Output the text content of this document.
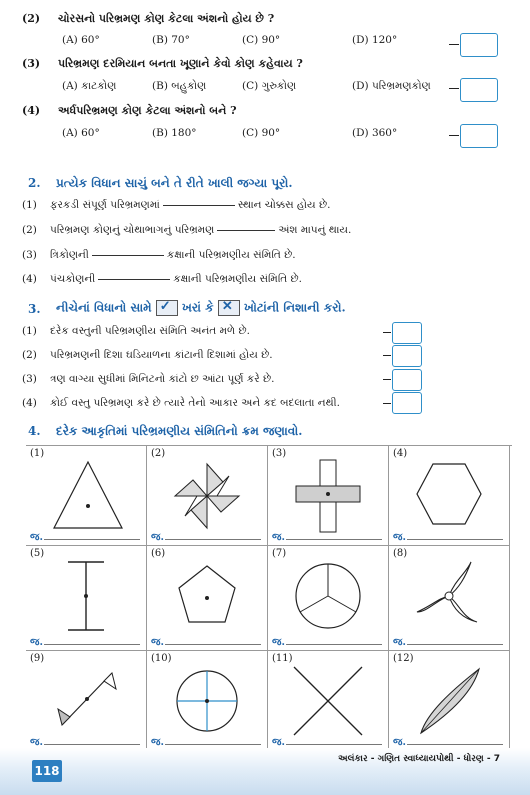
(2) ચોરસનો પરિભ્રમણ કોણ કેટલા અંશનો હોય છે ?
(A) 60°	(B) 70°	(C) 90°	(D) 120°
(3) પરિભ્રમણ દરમિયાન બનતા ખૂણાને કેવો કોણ કહેવાય ?
(A) કાટકોણ	(B) બહુકોણ	(C) ગુરુકોણ	(D) પરિભ્રમણકોણ
(4) અર્ધપરિભ્રમણ કોણ કેટલા અંશનો બને ?
(A) 60°	(B) 180°	(C) 90°	(D) 360°
2. પ્રત્યેક વિધાન સાચું બને તે રીતે ખાલી જગ્યા પૂરો.
(1) ફરકડી સંપૂર્ણ પરિભ્રમણમાં	સ્થાન ચોક્કસ હોય છે.
(2) પરિભ્રમણ કોણનું ચોથાભાગનું પરિભ્રમણ	અંશ માપનું થાય.
(3) ત્રિકોણની	કક્ષાની પરિભ્રમણીય સંમિતિ છે.
(4) પંચકોણની	કક્ષાની પરિભ્રમણીય સંમિતિ છે.
3. નીચેનાં વિધાનો સામે ✓ ખરાં કે ✕ ખોટાંની નિશાની કરો.
(1) દરેક વસ્તુની પરિભ્રમણીય સંમિતિ અનંત મળે છે.
(2) પરિભ્રમણની દિશા ઘડિયાળના કાંટાની દિશામાં હોય છે.
(3) ત્રણ વાગ્યા સુધીમાં મિનિટનો કાંટો છ આંટા પૂર્ણ કરે છે.
(4) કોઈ વસ્તુ પરિભ્રમણ કરે છે ત્યારે તેનો આકાર અને કદ બદલાતા નથી.
4. દરેક આકૃતિમાં પરિભ્રમણીય સંમિતિનો ક્રમ જણાવો.
(1)
જ.
(2)
જ.
(3)
જ.
(4)
જ.
(5)
જ.
(6)
જ.
(7)
જ.
(8)
જ.
(9)
જ.
(10)
જ.
(11)
જ.
(12)
જ.
118
અલંકાર - ગણિત સ્વાધ્યાયપોથી - ધોરણ - 7
